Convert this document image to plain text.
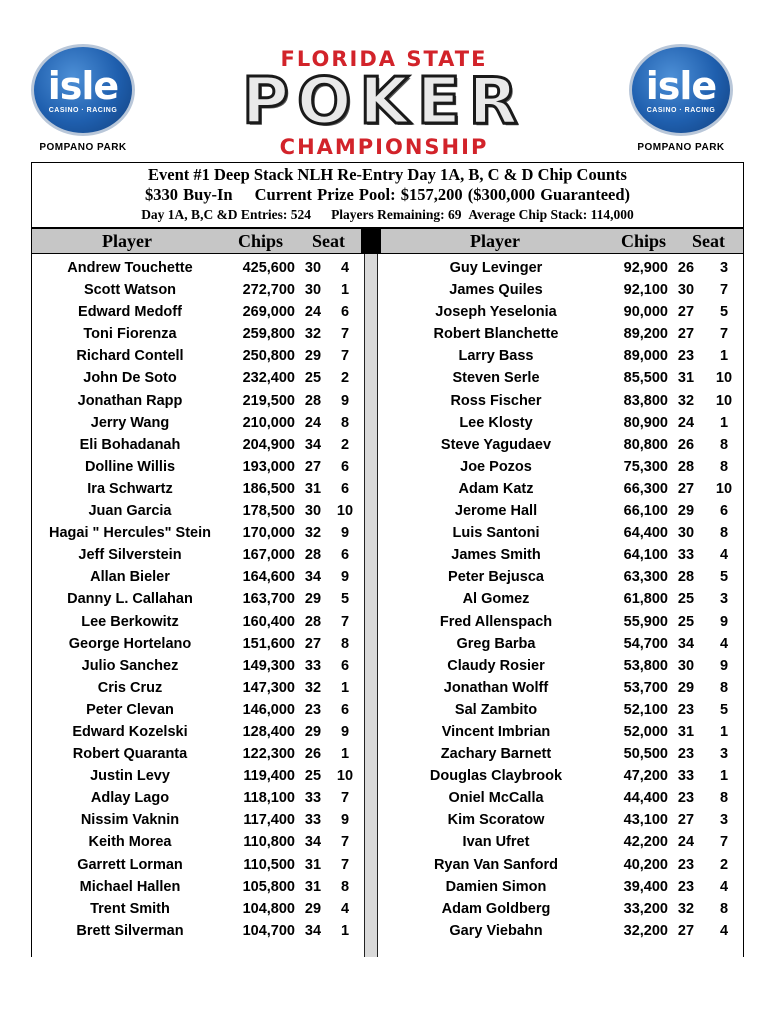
isle
CASINO · RACING
POMPANO PARK
isle
CASINO · RACING
POMPANO PARK
FLORIDA STATE
POKER
CHAMPIONSHIP
Event #1 Deep Stack NLH Re-Entry Day 1A, B, C & D Chip Counts
$330 Buy-In Current Prize Pool: $157,200 ($300,000 Guaranteed)
Day 1A, B,C &D Entries: 524 Players Remaining: 69 Average Chip Stack: 114,000
Player	Chips Seat	Player	Chips Seat
Andrew Touchette	425,600 30	4
Scott Watson	272,700 30	1
Edward Medoff	269,000 24	6
Toni Fiorenza	259,800 32	7
Richard Contell	250,800 29	7
John De Soto	232,400 25	2
Jonathan Rapp	219,500 28	9
Jerry Wang	210,000 24	8
Eli Bohadanah	204,900 34	2
Dolline Willis	193,000 27	6
Ira Schwartz	186,500 31	6
Juan Garcia	178,500 30 10
Hagai " Hercules" Stein	170,000 32	9
Jeff Silverstein	167,000 28	6
Allan Bieler	164,600 34	9
Danny L. Callahan	163,700 29	5
Lee Berkowitz	160,400 28	7
George Hortelano	151,600 27	8
Julio Sanchez	149,300 33	6
Cris Cruz	147,300 32	1
Peter Clevan	146,000 23	6
Edward Kozelski	128,400 29	9
Robert Quaranta	122,300 26	1
Justin Levy	119,400 25 10
Adlay Lago	118,100 33	7
Nissim Vaknin	117,400 33	9
Keith Morea	110,800 34	7
Garrett Lorman	110,500 31	7
Michael Hallen	105,800 31	8
Trent Smith	104,800 29	4
Brett Silverman	104,700 34	1
Guy Levinger	92,900 26	3
James Quiles	92,100 30	7
Joseph Yeselonia	90,000 27	5
Robert Blanchette	89,200 27	7
Larry Bass	89,000 23	1
Steven Serle	85,500 31 10
Ross Fischer	83,800 32 10
Lee Klosty	80,900 24	1
Steve Yagudaev	80,800 26	8
Joe Pozos	75,300 28	8
Adam Katz	66,300 27 10
Jerome Hall	66,100 29	6
Luis Santoni	64,400 30	8
James Smith	64,100 33	4
Peter Bejusca	63,300 28	5
Al Gomez	61,800 25	3
Fred Allenspach	55,900 25	9
Greg Barba	54,700 34	4
Claudy Rosier	53,800 30	9
Jonathan Wolff	53,700 29	8
Sal Zambito	52,100 23	5
Vincent Imbrian	52,000 31	1
Zachary Barnett	50,500 23	3
Douglas Claybrook	47,200 33	1
Oniel McCalla	44,400 23	8
Kim Scoratow	43,100 27	3
Ivan Ufret	42,200 24	7
Ryan Van Sanford	40,200 23	2
Damien Simon	39,400 23	4
Adam Goldberg	33,200 32	8
Gary Viebahn	32,200 27	4
